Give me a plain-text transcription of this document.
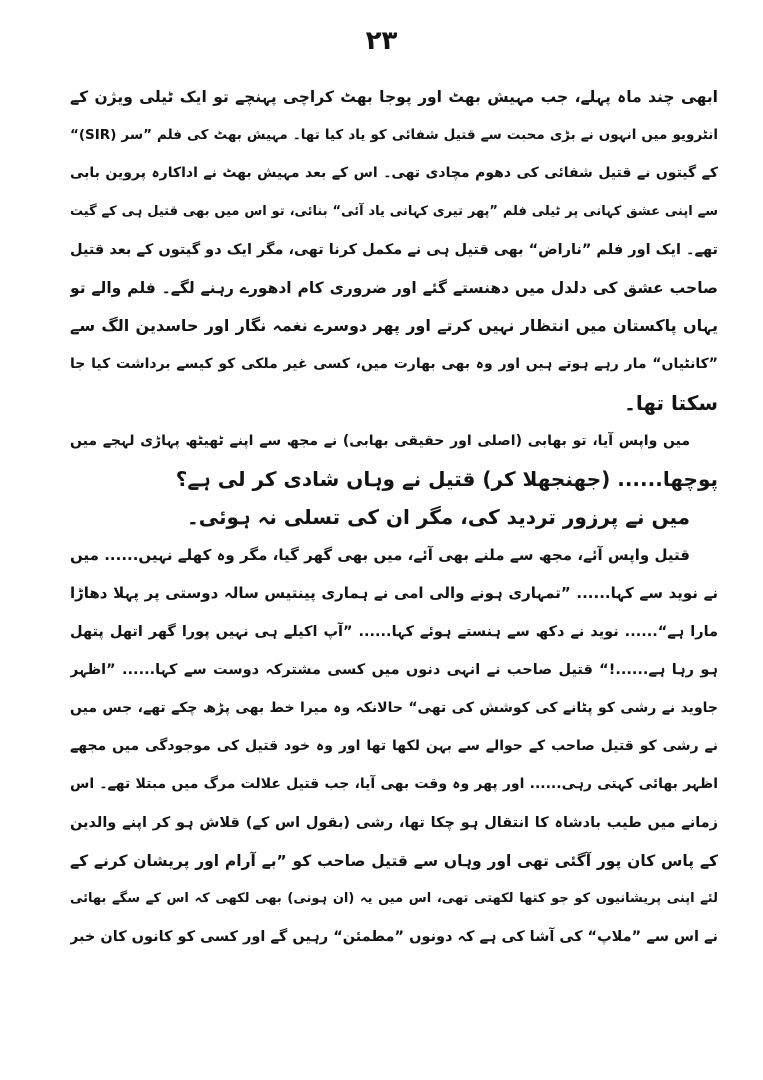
۲۳
ابھی چند ماہ پہلے، جب مہیش بھٹ اور پوجا بھٹ کراچی پہنچے تو ایک ٹیلی ویژن کے
انٹرویو میں انہوں نے بڑی محبت سے قتیل شفائی کو یاد کیا تھا۔ مہیش بھٹ کی فلم ”سر (SIR)“
کے گیتوں نے قتیل شفائی کی دھوم مچادی تھی۔ اس کے بعد مہیش بھٹ نے اداکارہ پروین بابی
سے اپنی عشق کہانی پر ٹیلی فلم ”پھر تیری کہانی یاد آئی“ بنائی، تو اس میں بھی قتیل ہی کے گیت
تھے۔ ایک اور فلم ”ناراض“ بھی قتیل ہی نے مکمل کرنا تھی، مگر ایک دو گیتوں کے بعد قتیل
صاحب عشق کی دلدل میں دھنستے گئے اور ضروری کام ادھورے رہنے لگے۔ فلم والے تو
یہاں پاکستان میں انتظار نہیں کرتے اور پھر دوسرے نغمہ نگار اور حاسدین الگ سے
”کانٹیاں“ مار رہے ہوتے ہیں اور وہ بھی بھارت میں، کسی غیر ملکی کو کیسے برداشت کیا جا
سکتا تھا۔
میں واپس آیا، تو بھابی (اصلی اور حقیقی بھابی) نے مجھ سے اپنے ٹھیٹھ پہاڑی لہجے میں
پوچھا...... (جھنجھلا کر) قتیل نے وہاں شادی کر لی ہے؟
میں نے پرزور تردید کی، مگر ان کی تسلی نہ ہوئی۔
قتیل واپس آئے، مجھ سے ملنے بھی آئے، میں بھی گھر گیا، مگر وہ کھلے نہیں...... میں
نے نوید سے کہا...... ”تمہاری ہونے والی امی نے ہماری پینتیس سالہ دوستی پر پہلا دھاڑا
مارا ہے“...... نوید نے دکھ سے ہنستے ہوئے کہا...... ”آپ اکیلے ہی نہیں پورا گھر اتھل پتھل
ہو رہا ہے......!“ قتیل صاحب نے انہی دنوں میں کسی مشترکہ دوست سے کہا...... ”اظہر
جاوید نے رشی کو پٹانے کی کوشش کی تھی“ حالانکہ وہ میرا خط بھی پڑھ چکے تھے، جس میں
نے رشی کو قتیل صاحب کے حوالے سے بہن لکھا تھا اور وہ خود قتیل کی موجودگی میں مجھے
اظہر بھائی کہتی رہی...... اور پھر وہ وقت بھی آیا، جب قتیل علالت مرگ میں مبتلا تھے۔ اس
زمانے میں طیب بادشاہ کا انتقال ہو چکا تھا، رشی (بقول اس کے) قلاش ہو کر اپنے والدین
کے پاس کان پور آگئی تھی اور وہاں سے قتیل صاحب کو ”بے آرام اور پریشان کرنے کے
لئے اپنی پریشانیوں کو جو کتھا لکھتی تھی، اس میں یہ (ان ہونی) بھی لکھی کہ اس کے سگے بھائی
نے اس سے ”ملاپ“ کی آشا کی ہے کہ دونوں ”مطمئن“ رہیں گے اور کسی کو کانوں کان خبر
